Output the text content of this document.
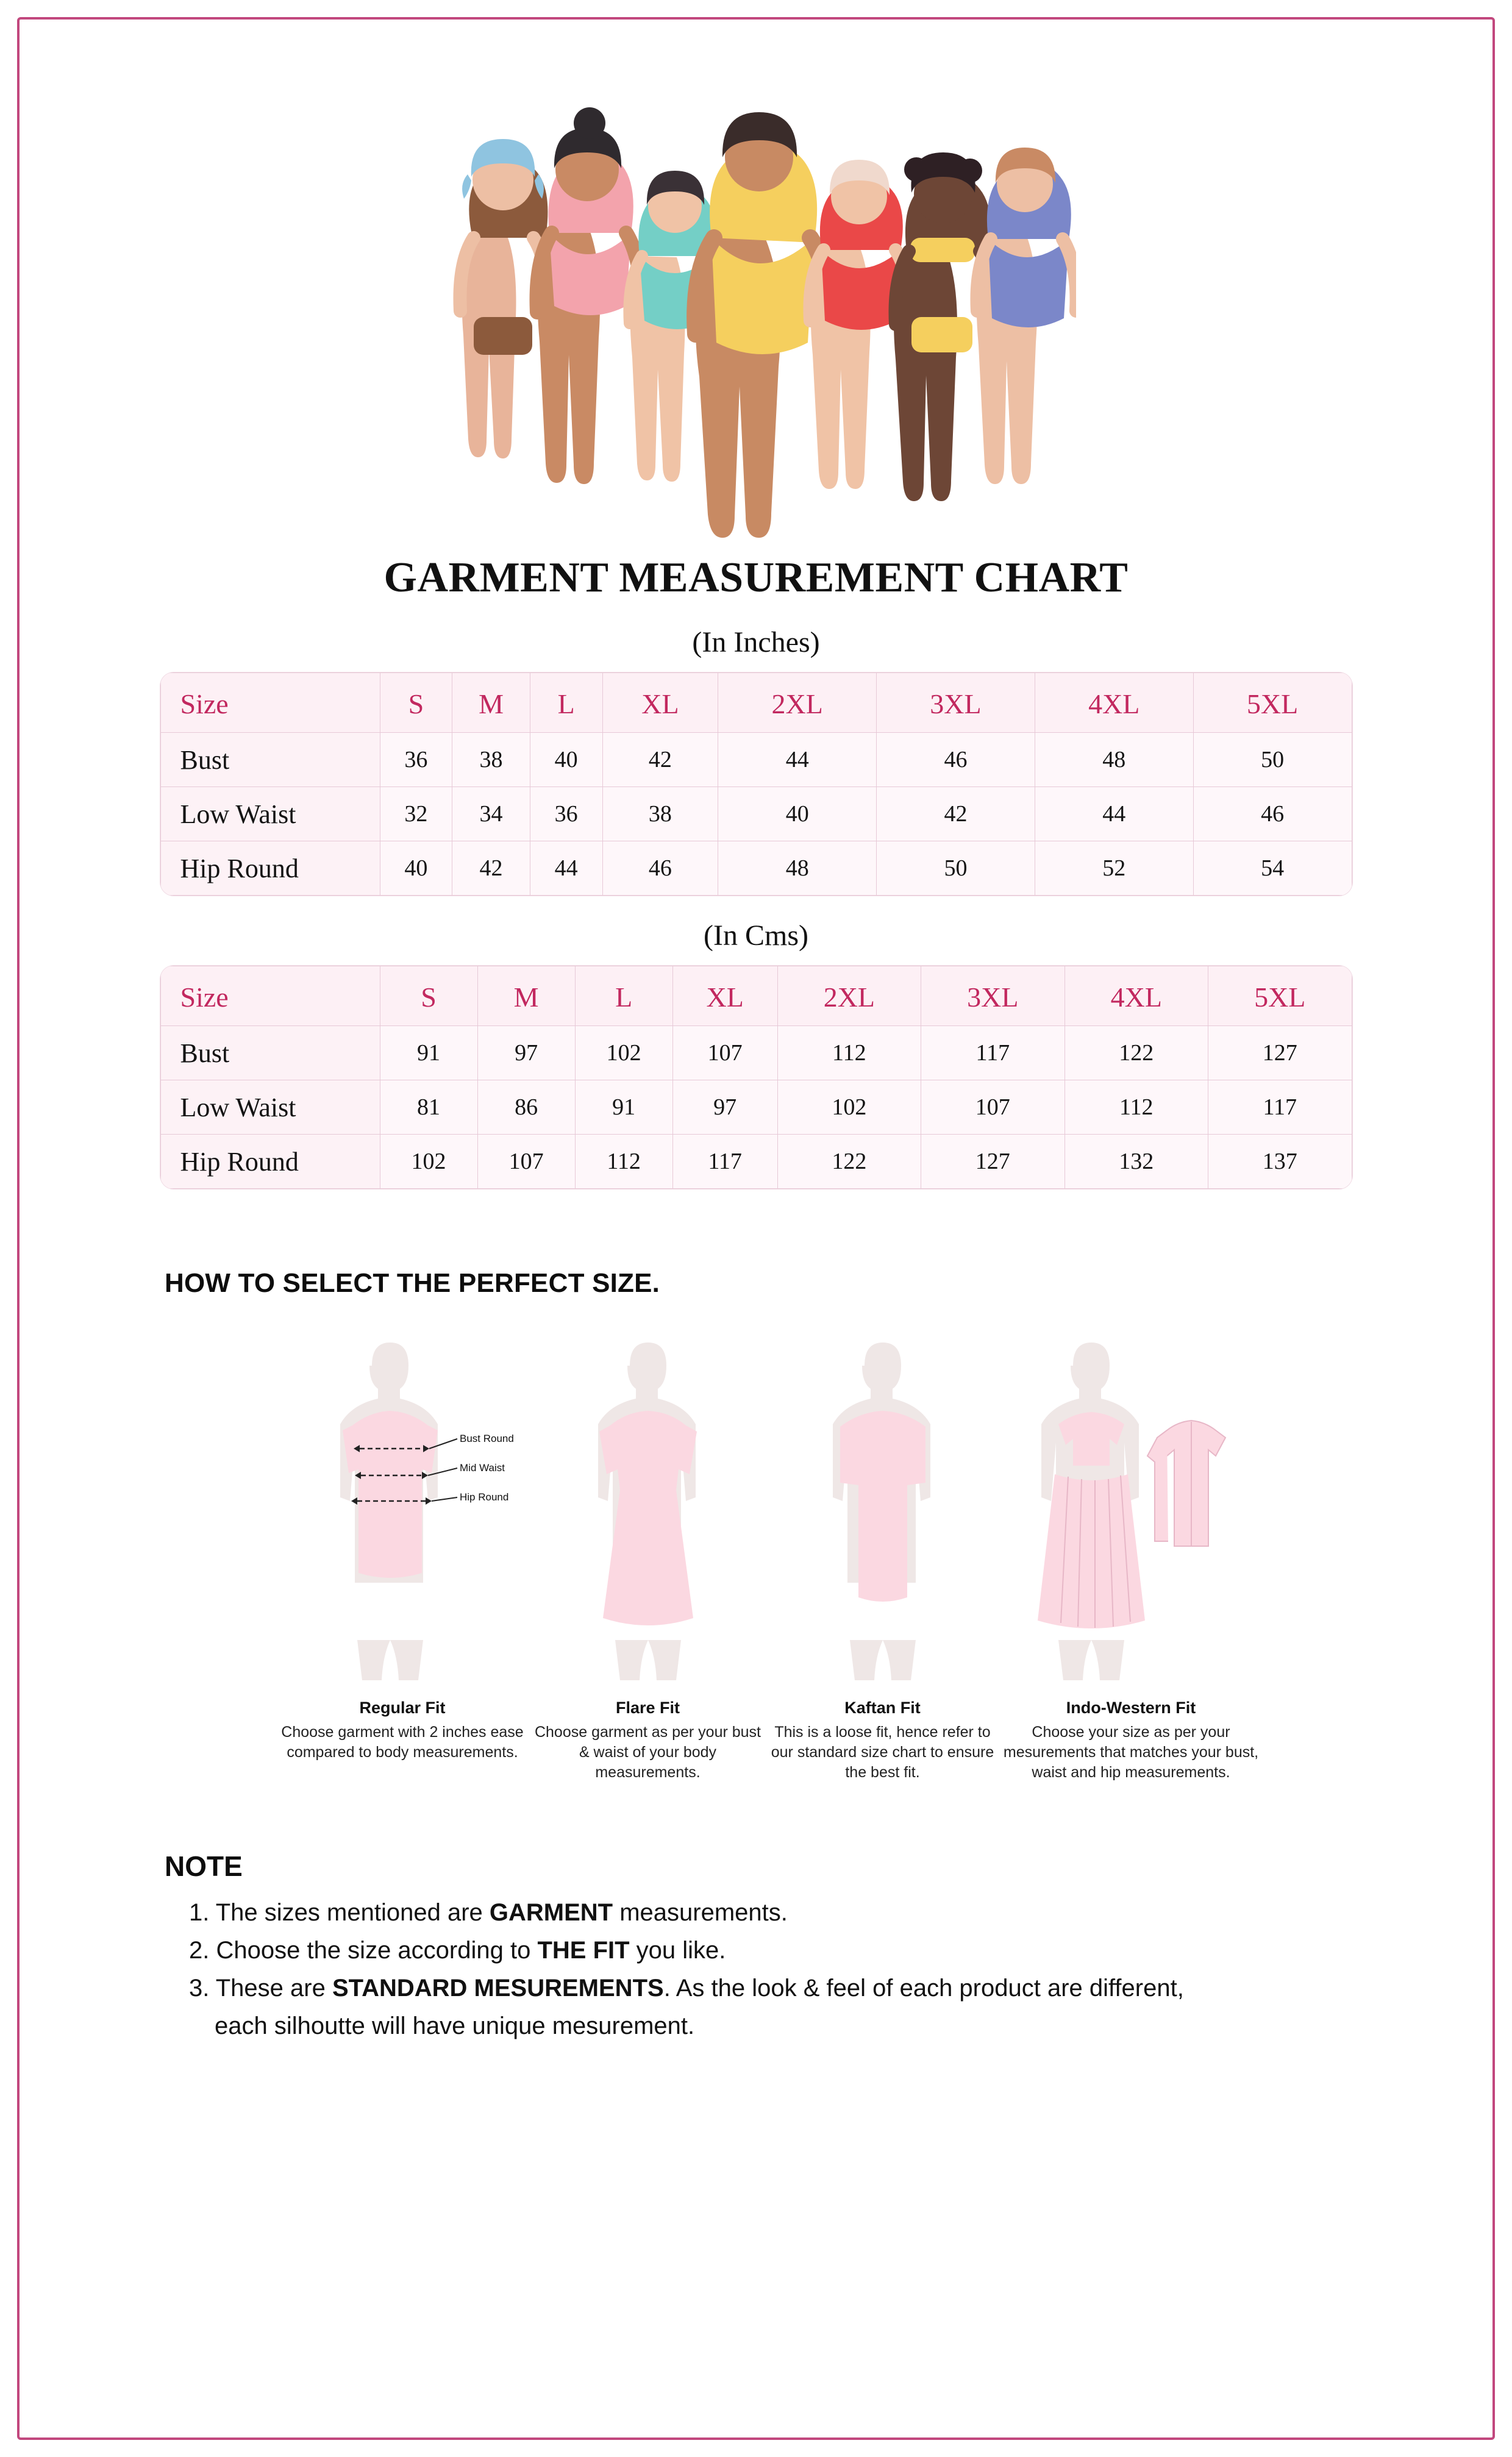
GARMENT MEASUREMENT CHART
(In Inches)
Size	S	M	L	XL	2XL	3XL	4XL	5XL
Bust	36	38	40	42	44	46	48	50
Low Waist	32	34	36	38	40	42	44	46
Hip Round	40	42	44	46	48	50	52	54
(In Cms)
Size	S	M	L	XL	2XL	3XL	4XL	5XL
Bust	91	97	102	107	112	117	122	127
Low Waist	81	86	91	97	102	107	112	117
Hip Round	102	107	112	117	122	127	132	137
HOW TO SELECT THE PERFECT SIZE.
Bust Round
Mid Waist
Hip Round
Regular Fit
Choose garment with 2 inches ease compared to body measurements.
Flare Fit
Choose garment as per your bust & waist of your body measurements.
Kaftan Fit
This is a loose fit, hence refer to our standard size chart to ensure the best fit.
Indo-Western Fit
Choose your size as per your mesurements that matches your bust, waist and hip measurements.
NOTE
1. The sizes mentioned are GARMENT measurements.
2. Choose the size according to THE FIT you like.
3. These are STANDARD MESUREMENTS. As the look & feel of each product are different,
each silhoutte will have unique mesurement.
